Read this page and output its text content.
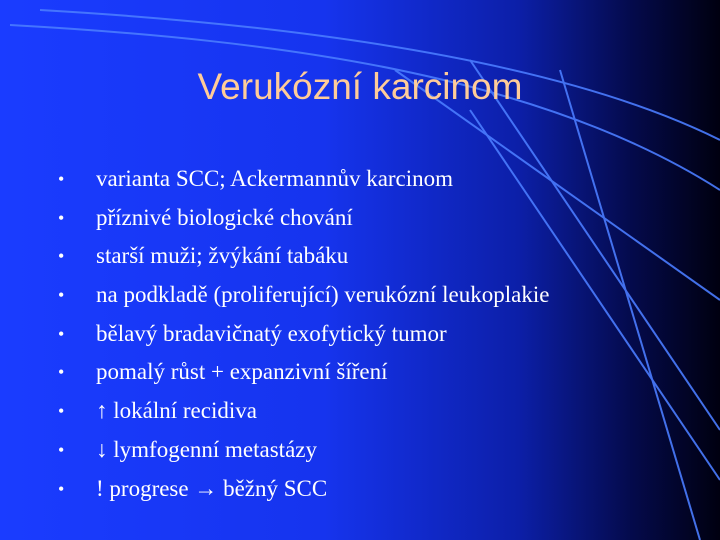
Verukózní karcinom
•	varianta SCC; Ackermannův karcinom
•	příznivé biologické chování
•	starší muži; žvýkání tabáku
•	na podkladě (proliferující) verukózní leukoplakie
•	bělavý bradavičnatý exofytický tumor
•	pomalý růst + expanzivní šíření
•	↑ lokální recidiva
•	↓ lymfogenní metastázy
•	! progrese → běžný SCC
